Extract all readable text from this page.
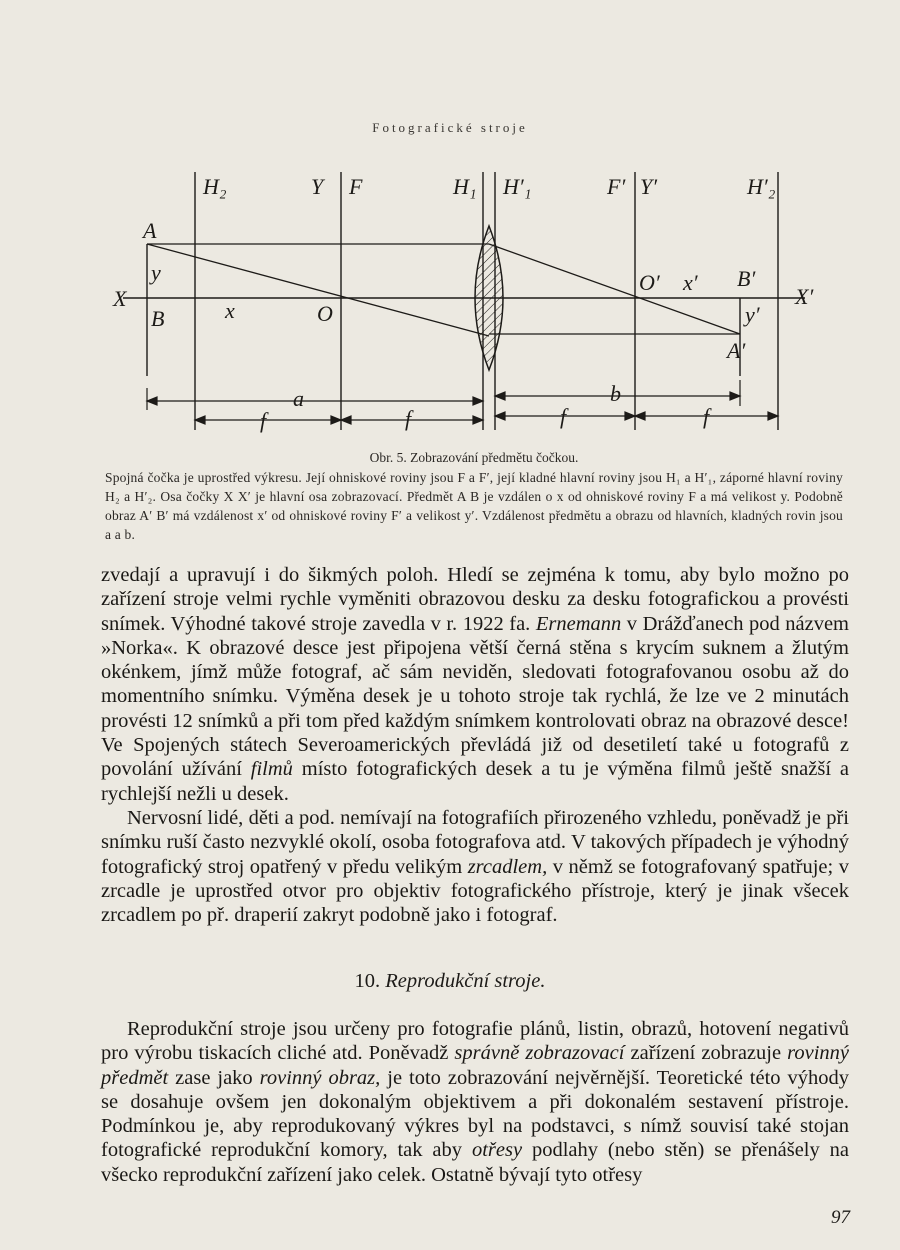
Fotografické stroje
H₂	Y F	H₁ H′₁	F′ Y′	H′₂
A
y
X
B	x	O
O′ x′ B′
X′
y′
A′
a	b
f	f	f	f
Obr. 5. Zobrazování předmětu čočkou.
Spojná čočka je uprostřed výkresu. Její ohniskové roviny jsou F a F′, její kladné hlavní roviny jsou H₁ a H′₁, záporné hlavní roviny H₂ a H′₂. Osa čočky X X′ je hlavní osa zobrazovací. Předmět A B je vzdálen o x od ohniskové roviny F a má velikost y. Podobně obraz A′ B′ má vzdálenost x′ od ohniskové roviny F′ a velikost y′. Vzdálenost předmětu a obrazu od hlavních, kladných rovin jsou a a b.

zvedají a upravují i do šikmých poloh. Hledí se zejména k tomu, aby bylo možno po zařízení stroje velmi rychle vyměniti obrazovou desku za desku fotografickou a provésti snímek. Výhodné takové stroje zavedla v r. 1922 fa. Ernemann v Drážďanech pod názvem »Norka«. K obrazové desce jest připojena větší černá stěna s krycím suknem a žlutým okénkem, jímž může fotograf, ač sám neviděn, sledovati fotografovanou osobu až do momentního snímku. Výměna desek je u tohoto stroje tak rychlá, že lze ve 2 minutách provésti 12 snímků a při tom před každým snímkem kontrolovati obraz na obrazové desce! Ve Spojených státech Severoamerických převládá již od desetiletí také u fotografů z povolání užívání filmů místo fotografických desek a tu je výměna filmů ještě snažší a rychlejší nežli u desek.

Nervosní lidé, děti a pod. nemívají na fotografiích přirozeného vzhledu, poněvadž je při snímku ruší často nezvyklé okolí, osoba fotografova atd. V takových případech je výhodný fotografický stroj opatřený v předu velikým zrcadlem, v němž se fotografovaný spatřuje; v zrcadle je uprostřed otvor pro objektiv fotografického přístroje, který je jinak všecek zrcadlem po př. draperií zakryt podobně jako i fotograf.

10. Reprodukční stroje.

Reprodukční stroje jsou určeny pro fotografie plánů, listin, obrazů, hotovení negativů pro výrobu tiskacích cliché atd. Poněvadž správně zobrazovací zařízení zobrazuje rovinný předmět zase jako rovinný obraz, je toto zobrazování nejvěrnější. Teoretické této výhody se dosahuje ovšem jen dokonalým objektivem a při dokonalém sestavení přístroje. Podmínkou je, aby reprodukovaný výkres byl na podstavci, s nímž souvisí také stojan fotografické reprodukční komory, tak aby otřesy podlahy (nebo stěn) se přenášely na všecko reprodukční zařízení jako celek. Ostatně bývají tyto otřesy

97
